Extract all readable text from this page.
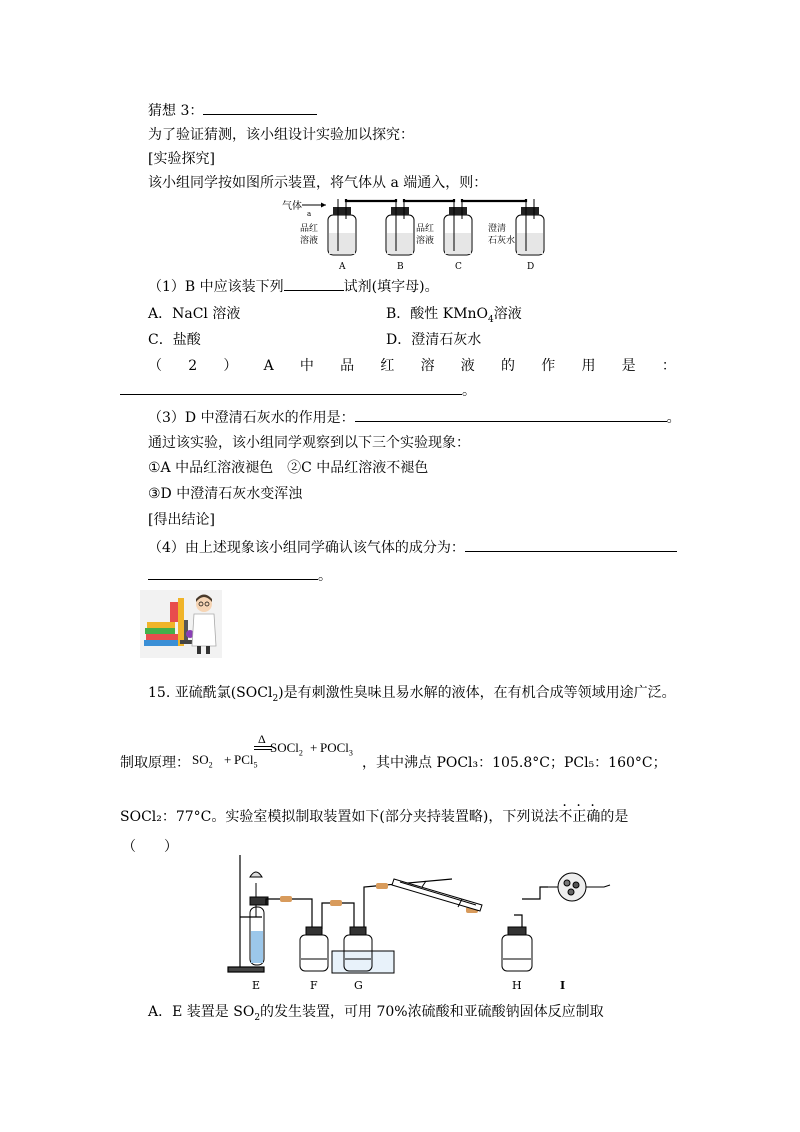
猜想 3：
为了验证猜测，该小组设计实验加以探究：
[实验探究]
该小组同学按如图所示装置，将气体从 a 端通入，则：
气体
a
品红
溶液
A	B
品红
溶液
C
澄清
石灰水
D
（1）B 中应该装下列	试剂(填字母)。
A．NaCl 溶液	B．酸性 KMnO$_4$溶液
C．盐酸	D．澄清石灰水
（ 2 ） A 中 品 红 溶 液 的 作 用 是 ：
。
（3）D 中澄清石灰水的作用是：	。
通过该实验，该小组同学观察到以下三个实验现象：
①A 中品红溶液褪色　②C 中品红溶液不褪色
③D 中澄清石灰水变浑浊
[得出结论]
（4）由上述现象该小组同学确认该气体的成分为：
。
15. 亚硫酰氯(SOCl$_2$)是有刺激性臭味且易水解的液体，在有机合成等领域用途广泛。
制取原理： $SO_2 + PCl_5$
Δ
SOCl$_2$ + POCl$_3$
，其中沸点 POCl₃：105.8°C；PCl₅：160°C；
SOCl₂：77°C。实验室模拟制取装置如下(部分夹持装置略)，下列说法不正确的是
（　　）
E	F	G	H	I
A．E 装置是 $SO_2$的发生装置，可用 70%浓硫酸和亚硫酸钠固体反应制取
